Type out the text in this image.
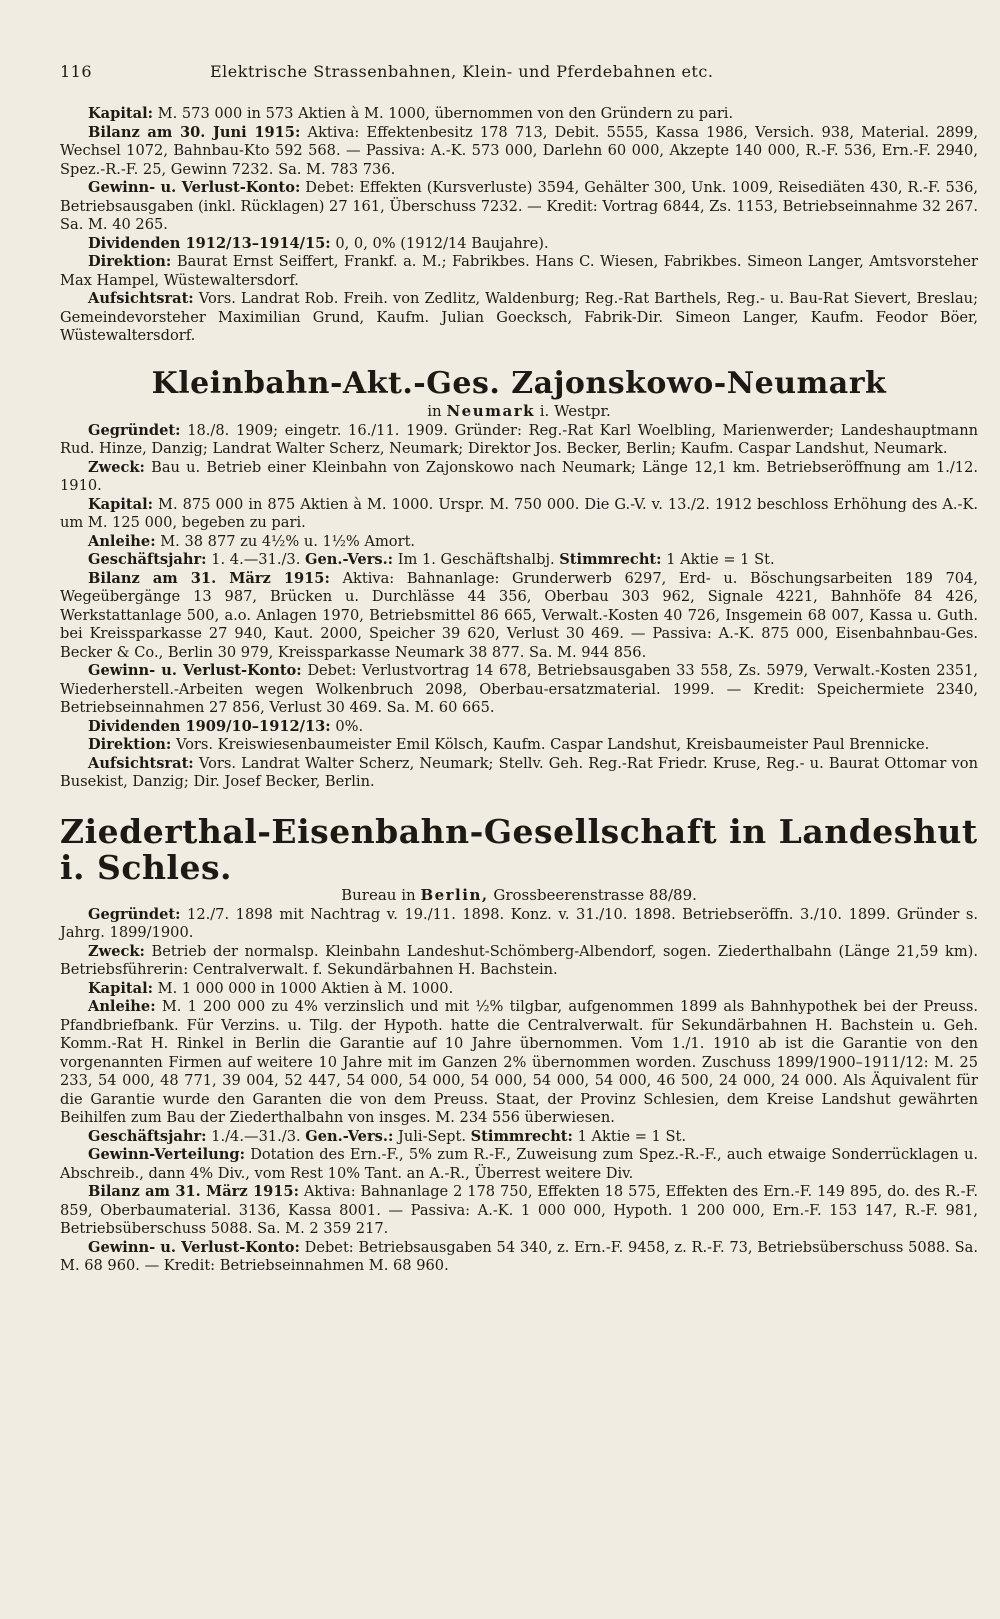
116	Elektrische Strassenbahnen, Klein- und Pferdebahnen etc.

Kapital: M. 573 000 in 573 Aktien à M. 1000, übernommen von den Gründern zu pari.

Bilanz am 30. Juni 1915: Aktiva: Effektenbesitz 178 713, Debit. 5555, Kassa 1986, Versich. 938, Material. 2899, Wechsel 1072, Bahnbau-Kto 592 568. — Passiva: A.-K. 573 000, Darlehn 60 000, Akzepte 140 000, R.-F. 536, Ern.-F. 2940, Spez.-R.-F. 25, Gewinn 7232. Sa. M. 783 736.

Gewinn- u. Verlust-Konto: Debet: Effekten (Kursverluste) 3594, Gehälter 300, Unk. 1009, Reisediäten 430, R.-F. 536, Betriebsausgaben (inkl. Rücklagen) 27 161, Überschuss 7232. — Kredit: Vortrag 6844, Zs. 1153, Betriebseinnahme 32 267. Sa. M. 40 265.

Dividenden 1912/13–1914/15: 0, 0, 0% (1912/14 Baujahre).

Direktion: Baurat Ernst Seiffert, Frankf. a. M.; Fabrikbes. Hans C. Wiesen, Fabrikbes. Simeon Langer, Amtsvorsteher Max Hampel, Wüstewaltersdorf.

Aufsichtsrat: Vors. Landrat Rob. Freih. von Zedlitz, Waldenburg; Reg.-Rat Barthels, Reg.- u. Bau-Rat Sievert, Breslau; Gemeindevorsteher Maximilian Grund, Kaufm. Julian Goecksch, Fabrik-Dir. Simeon Langer, Kaufm. Feodor Böer, Wüstewaltersdorf.

Kleinbahn-Akt.-Ges. Zajonskowo-Neumark
in Neumark i. Westpr.

Gegründet: 18./8. 1909; eingetr. 16./11. 1909. Gründer: Reg.-Rat Karl Woelbling, Marienwerder; Landeshauptmann Rud. Hinze, Danzig; Landrat Walter Scherz, Neumark; Direktor Jos. Becker, Berlin; Kaufm. Caspar Landshut, Neumark.

Zweck: Bau u. Betrieb einer Kleinbahn von Zajonskowo nach Neumark; Länge 12,1 km. Betriebseröffnung am 1./12. 1910.

Kapital: M. 875 000 in 875 Aktien à M. 1000. Urspr. M. 750 000. Die G.-V. v. 13./2. 1912 beschloss Erhöhung des A.-K. um M. 125 000, begeben zu pari.

Anleihe: M. 38 877 zu 4½% u. 1½% Amort.

Geschäftsjahr: 1. 4.—31./3. Gen.-Vers.: Im 1. Geschäftshalbj. Stimmrecht: 1 Aktie = 1 St.

Bilanz am 31. März 1915: Aktiva: Bahnanlage: Grunderwerb 6297, Erd- u. Böschungsarbeiten 189 704, Wegeübergänge 13 987, Brücken u. Durchlässe 44 356, Oberbau 303 962, Signale 4221, Bahnhöfe 84 426, Werkstattanlage 500, a.o. Anlagen 1970, Betriebsmittel 86 665, Verwalt.-Kosten 40 726, Insgemein 68 007, Kassa u. Guth. bei Kreissparkasse 27 940, Kaut. 2000, Speicher 39 620, Verlust 30 469. — Passiva: A.-K. 875 000, Eisenbahnbau-Ges. Becker & Co., Berlin 30 979, Kreissparkasse Neumark 38 877. Sa. M. 944 856.

Gewinn- u. Verlust-Konto: Debet: Verlustvortrag 14 678, Betriebsausgaben 33 558, Zs. 5979, Verwalt.-Kosten 2351, Wiederherstell.-Arbeiten wegen Wolkenbruch 2098, Oberbau-ersatzmaterial. 1999. — Kredit: Speichermiete 2340, Betriebseinnahmen 27 856, Verlust 30 469. Sa. M. 60 665.

Dividenden 1909/10–1912/13: 0%.

Direktion: Vors. Kreiswiesenbaumeister Emil Kölsch, Kaufm. Caspar Landshut, Kreisbaumeister Paul Brennicke.

Aufsichtsrat: Vors. Landrat Walter Scherz, Neumark; Stellv. Geh. Reg.-Rat Friedr. Kruse, Reg.- u. Baurat Ottomar von Busekist, Danzig; Dir. Josef Becker, Berlin.

Ziederthal-Eisenbahn-Gesellschaft in Landeshut i. Schles.
Bureau in Berlin, Grossbeerenstrasse 88/89.

Gegründet: 12./7. 1898 mit Nachtrag v. 19./11. 1898. Konz. v. 31./10. 1898. Betriebseröffn. 3./10. 1899. Gründer s. Jahrg. 1899/1900.

Zweck: Betrieb der normalsp. Kleinbahn Landeshut-Schömberg-Albendorf, sogen. Ziederthalbahn (Länge 21,59 km). Betriebsführerin: Centralverwalt. f. Sekundärbahnen H. Bachstein.

Kapital: M. 1 000 000 in 1000 Aktien à M. 1000.

Anleihe: M. 1 200 000 zu 4% verzinslich und mit ½% tilgbar, aufgenommen 1899 als Bahnhypothek bei der Preuss. Pfandbriefbank. Für Verzins. u. Tilg. der Hypoth. hatte die Centralverwalt. für Sekundärbahnen H. Bachstein u. Geh. Komm.-Rat H. Rinkel in Berlin die Garantie auf 10 Jahre übernommen. Vom 1./1. 1910 ab ist die Garantie von den vorgenannten Firmen auf weitere 10 Jahre mit im Ganzen 2% übernommen worden. Zuschuss 1899/1900–1911/12: M. 25 233, 54 000, 48 771, 39 004, 52 447, 54 000, 54 000, 54 000, 54 000, 54 000, 46 500, 24 000, 24 000. Als Äquivalent für die Garantie wurde den Garanten die von dem Preuss. Staat, der Provinz Schlesien, dem Kreise Landshut gewährten Beihilfen zum Bau der Ziederthalbahn von insges. M. 234 556 überwiesen.

Geschäftsjahr: 1./4.—31./3. Gen.-Vers.: Juli-Sept. Stimmrecht: 1 Aktie = 1 St.

Gewinn-Verteilung: Dotation des Ern.-F., 5% zum R.-F., Zuweisung zum Spez.-R.-F., auch etwaige Sonderrücklagen u. Abschreib., dann 4% Div., vom Rest 10% Tant. an A.-R., Überrest weitere Div.

Bilanz am 31. März 1915: Aktiva: Bahnanlage 2 178 750, Effekten 18 575, Effekten des Ern.-F. 149 895, do. des R.-F. 859, Oberbaumaterial. 3136, Kassa 8001. — Passiva: A.-K. 1 000 000, Hypoth. 1 200 000, Ern.-F. 153 147, R.-F. 981, Betriebsüberschuss 5088. Sa. M. 2 359 217.

Gewinn- u. Verlust-Konto: Debet: Betriebsausgaben 54 340, z. Ern.-F. 9458, z. R.-F. 73, Betriebsüberschuss 5088. Sa. M. 68 960. — Kredit: Betriebseinnahmen M. 68 960.
